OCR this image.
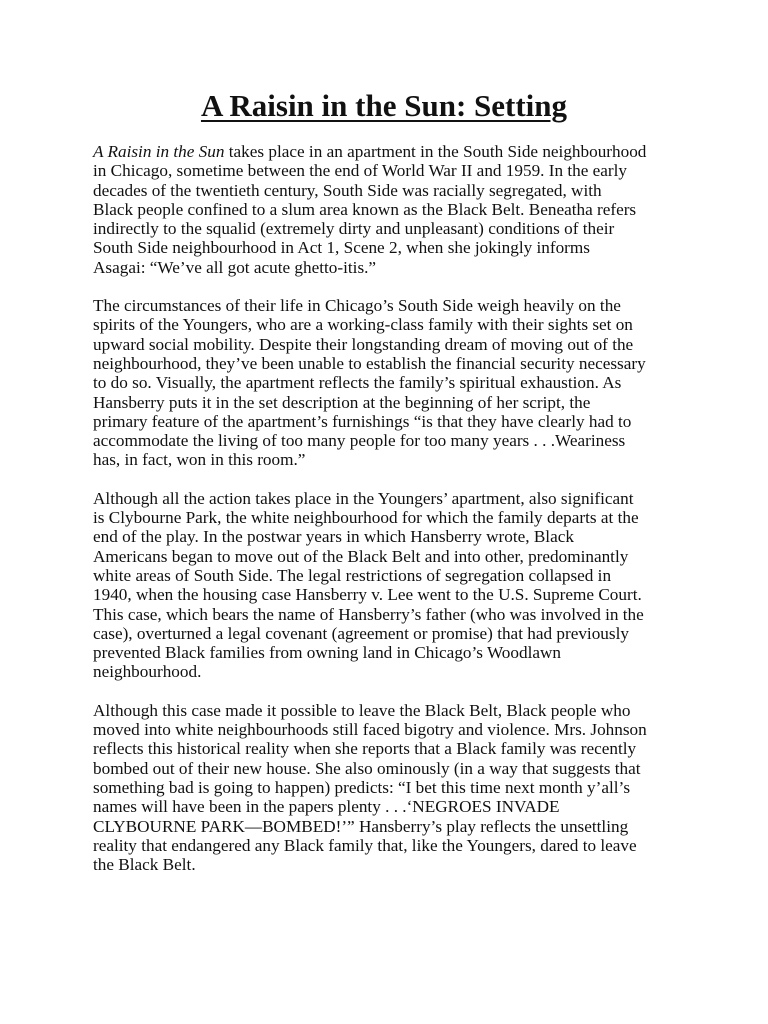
A Raisin in the Sun: Setting

A Raisin in the Sun takes place in an apartment in the South Side neighbourhood
in Chicago, sometime between the end of World War II and 1959. In the early
decades of the twentieth century, South Side was racially segregated, with
Black people confined to a slum area known as the Black Belt. Beneatha refers
indirectly to the squalid (extremely dirty and unpleasant) conditions of their
South Side neighbourhood in Act 1, Scene 2, when she jokingly informs
Asagai: “We’ve all got acute ghetto-itis.”

The circumstances of their life in Chicago’s South Side weigh heavily on the
spirits of the Youngers, who are a working-class family with their sights set on
upward social mobility. Despite their longstanding dream of moving out of the
neighbourhood, they’ve been unable to establish the financial security necessary
to do so. Visually, the apartment reflects the family’s spiritual exhaustion. As
Hansberry puts it in the set description at the beginning of her script, the
primary feature of the apartment’s furnishings “is that they have clearly had to
accommodate the living of too many people for too many years . . .Weariness
has, in fact, won in this room.”

Although all the action takes place in the Youngers’ apartment, also significant
is Clybourne Park, the white neighbourhood for which the family departs at the
end of the play. In the postwar years in which Hansberry wrote, Black
Americans began to move out of the Black Belt and into other, predominantly
white areas of South Side. The legal restrictions of segregation collapsed in
1940, when the housing case Hansberry v. Lee went to the U.S. Supreme Court.
This case, which bears the name of Hansberry’s father (who was involved in the
case), overturned a legal covenant (agreement or promise) that had previously
prevented Black families from owning land in Chicago’s Woodlawn
neighbourhood.

Although this case made it possible to leave the Black Belt, Black people who
moved into white neighbourhoods still faced bigotry and violence. Mrs. Johnson
reflects this historical reality when she reports that a Black family was recently
bombed out of their new house. She also ominously (in a way that suggests that
something bad is going to happen) predicts: “I bet this time next month y’all’s
names will have been in the papers plenty . . .‘NEGROES INVADE
CLYBOURNE PARK—BOMBED!’” Hansberry’s play reflects the unsettling
reality that endangered any Black family that, like the Youngers, dared to leave
the Black Belt.
